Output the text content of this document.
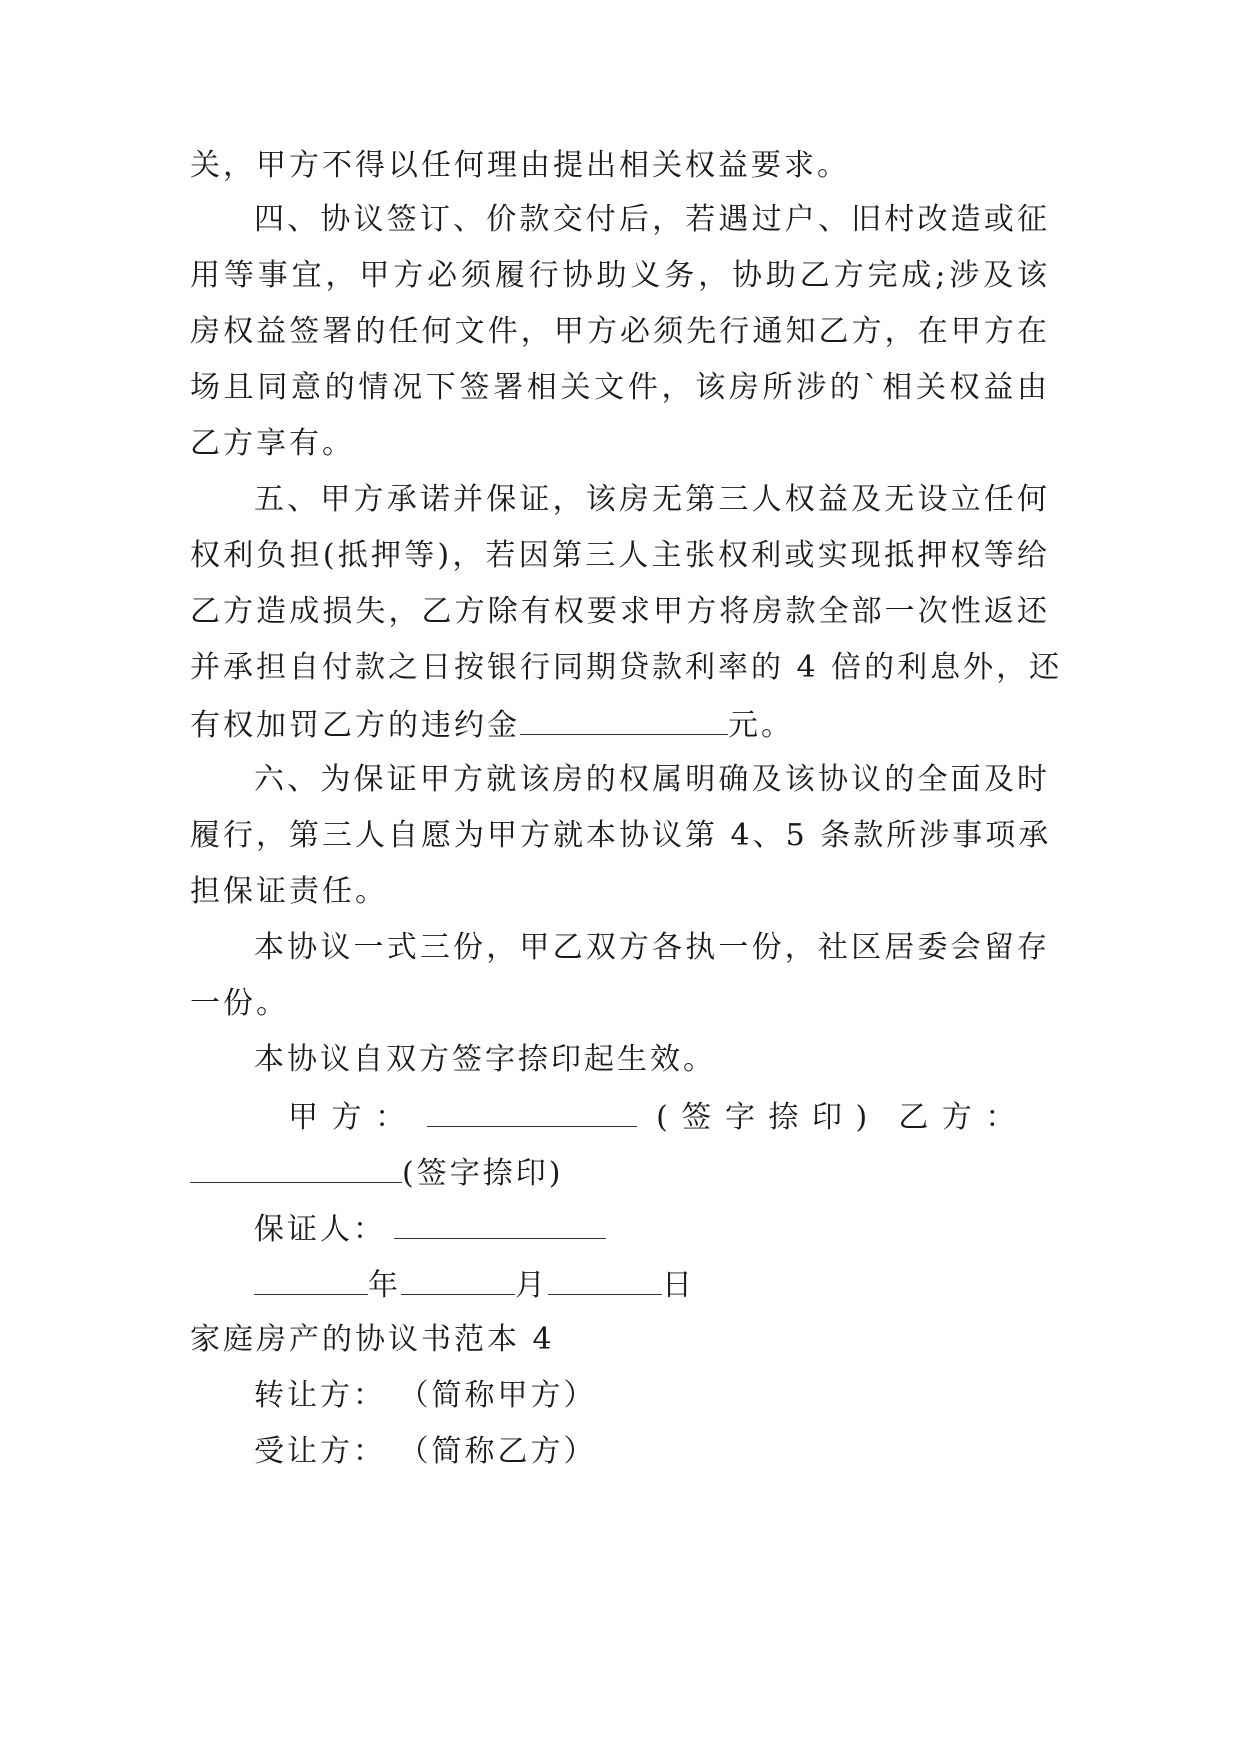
关，甲方不得以任何理由提出相关权益要求。
四、协议签订、价款交付后，若遇过户、旧村改造或征
用等事宜，甲方必须履行协助义务，协助乙方完成;涉及该
房权益签署的任何文件，甲方必须先行通知乙方，在甲方在
场且同意的情况下签署相关文件，该房所涉的`相关权益由
乙方享有。
五、甲方承诺并保证，该房无第三人权益及无设立任何
权利负担(抵押等)，若因第三人主张权利或实现抵押权等给
乙方造成损失，乙方除有权要求甲方将房款全部一次性返还
并承担自付款之日按银行同期贷款利率的 4 倍的利息外，还
有权加罚乙方的违约金	元。
六、为保证甲方就该房的权属明确及该协议的全面及时
履行，第三人自愿为甲方就本协议第 4、5 条款所涉事项承
担保证责任。
本协议一式三份，甲乙双方各执一份，社区居委会留存
一份。
本协议自双方签字捺印起生效。
甲 方 ：	( 签 字 捺 印 ) 乙 方 ：
(签字捺印)
保证人：
年	月	日
家庭房产的协议书范本 4
转让方： （简称甲方）
受让方： （简称乙方）
